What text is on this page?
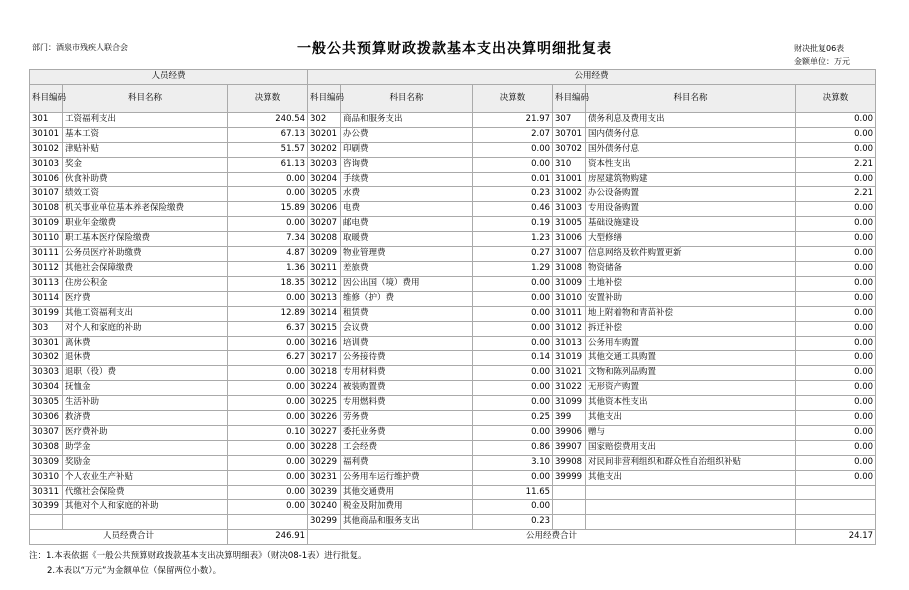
部门：酒泉市残疾人联合会	一般公共预算财政拨款基本支出决算明细批复表	财决批复06表
金额单位：万元
人员经费			公用经费					
科目编码	科目名称	决算数	科目编码	科目名称	决算数	科目编码	科目名称	决算数
301	工资福利支出	240.54	302	商品和服务支出	21.97	307	债务利息及费用支出	0.00
30101	基本工资	67.13	30201	办公费	2.07	30701	国内债务付息	0.00
30102	津贴补贴	51.57	30202	印刷费	0.00	30702	国外债务付息	0.00
30103	奖金	61.13	30203	咨询费	0.00	310	资本性支出	2.21
30106	伙食补助费	0.00	30204	手续费	0.01	31001	房屋建筑物购建	0.00
30107	绩效工资	0.00	30205	水费	0.23	31002	办公设备购置	2.21
30108	机关事业单位基本养老保险缴费	15.89	30206	电费	0.46	31003	专用设备购置	0.00
30109	职业年金缴费	0.00	30207	邮电费	0.19	31005	基础设施建设	0.00
30110	职工基本医疗保险缴费	7.34	30208	取暖费	1.23	31006	大型修缮	0.00
30111	公务员医疗补助缴费	4.87	30209	物业管理费	0.27	31007	信息网络及软件购置更新	0.00
30112	其他社会保障缴费	1.36	30211	差旅费	1.29	31008	物资储备	0.00
30113	住房公积金	18.35	30212	因公出国（境）费用	0.00	31009	土地补偿	0.00
30114	医疗费	0.00	30213	维修（护）费	0.00	31010	安置补助	0.00
30199	其他工资福利支出	12.89	30214	租赁费	0.00	31011	地上附着物和青苗补偿	0.00
303	对个人和家庭的补助	6.37	30215	会议费	0.00	31012	拆迁补偿	0.00
30301	离休费	0.00	30216	培训费	0.00	31013	公务用车购置	0.00
30302	退休费	6.27	30217	公务接待费	0.14	31019	其他交通工具购置	0.00
30303	退职（役）费	0.00	30218	专用材料费	0.00	31021	文物和陈列品购置	0.00
30304	抚恤金	0.00	30224	被装购置费	0.00	31022	无形资产购置	0.00
30305	生活补助	0.00	30225	专用燃料费	0.00	31099	其他资本性支出	0.00
30306	救济费	0.00	30226	劳务费	0.25	399	其他支出	0.00
30307	医疗费补助	0.10	30227	委托业务费	0.00	39906	赠与	0.00
30308	助学金	0.00	30228	工会经费	0.86	39907	国家赔偿费用支出	0.00
30309	奖励金	0.00	30229	福利费	3.10	39908	对民间非营利组织和群众性自治组织补贴	0.00
30310	个人农业生产补贴	0.00	30231	公务用车运行维护费	0.00	39999	其他支出	0.00
30311	代缴社会保险费	0.00	30239	其他交通费用	11.65			
30399	其他对个人和家庭的补助	0.00	30240	税金及附加费用	0.00			
			30299	其他商品和服务支出	0.23			
人员经费合计		246.91	公用经费合计					24.17
注：1.本表依据《一般公共预算财政拨款基本支出决算明细表》（财决08-1表）进行批复。
2.本表以“万元”为金额单位（保留两位小数）。
